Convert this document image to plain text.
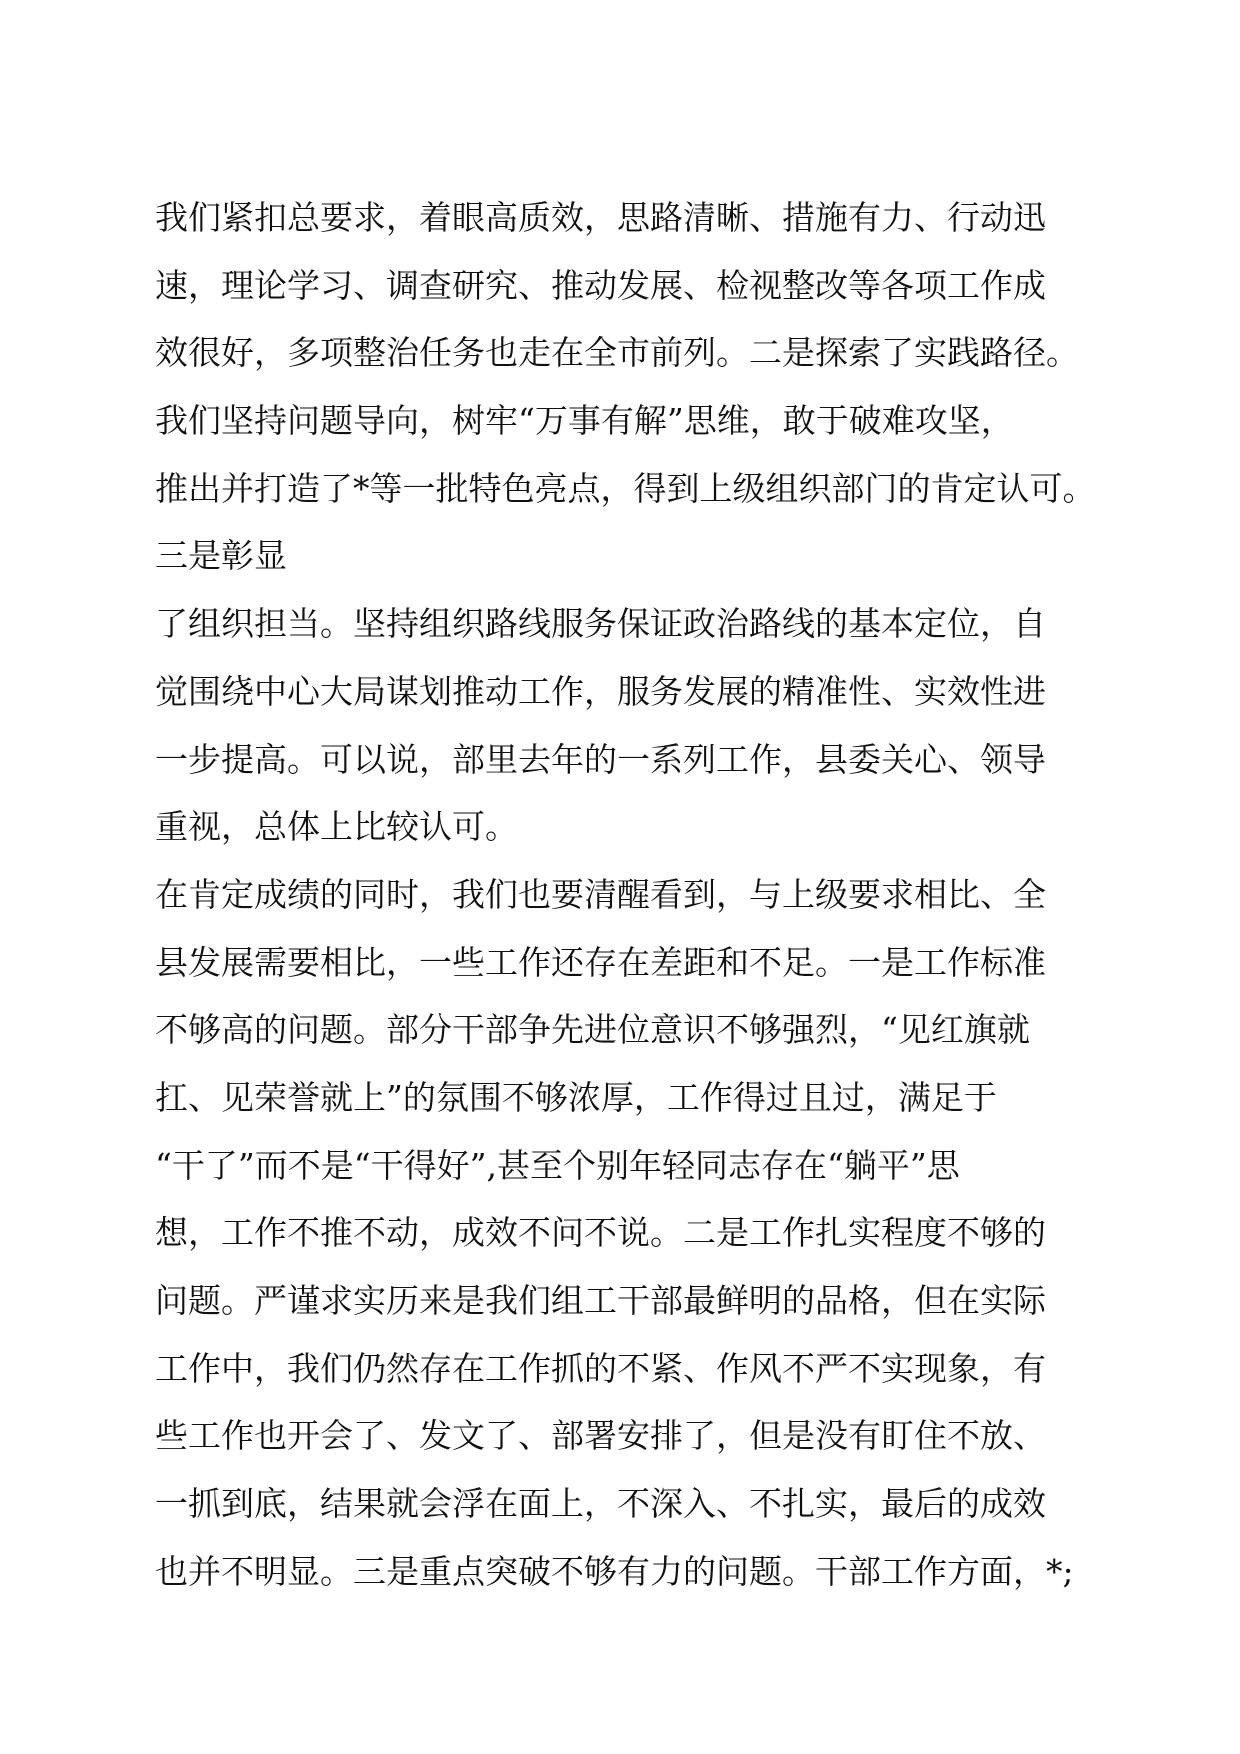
我们紧扣总要求，着眼高质效，思路清晰、措施有力、行动迅
速，理论学习、调查研究、推动发展、检视整改等各项工作成
效很好，多项整治任务也走在全市前列。二是探索了实践路径。
我们坚持问题导向，树牢“万事有解”思维，敢于破难攻坚，
推出并打造了*等一批特色亮点，得到上级组织部门的肯定认可。
三是彰显
了组织担当。坚持组织路线服务保证政治路线的基本定位，自
觉围绕中心大局谋划推动工作，服务发展的精准性、实效性进
一步提高。可以说，部里去年的一系列工作，县委关心、领导
重视，总体上比较认可。
在肯定成绩的同时，我们也要清醒看到，与上级要求相比、全
县发展需要相比，一些工作还存在差距和不足。一是工作标准
不够高的问题。部分干部争先进位意识不够强烈，“见红旗就
扛、见荣誉就上”的氛围不够浓厚，工作得过且过，满足于
“干了”而不是“干得好”,甚至个别年轻同志存在“躺平”思
想，工作不推不动，成效不问不说。二是工作扎实程度不够的
问题。严谨求实历来是我们组工干部最鲜明的品格，但在实际
工作中，我们仍然存在工作抓的不紧、作风不严不实现象，有
些工作也开会了、发文了、部署安排了，但是没有盯住不放、
一抓到底，结果就会浮在面上，不深入、不扎实，最后的成效
也并不明显。三是重点突破不够有力的问题。干部工作方面，*;
